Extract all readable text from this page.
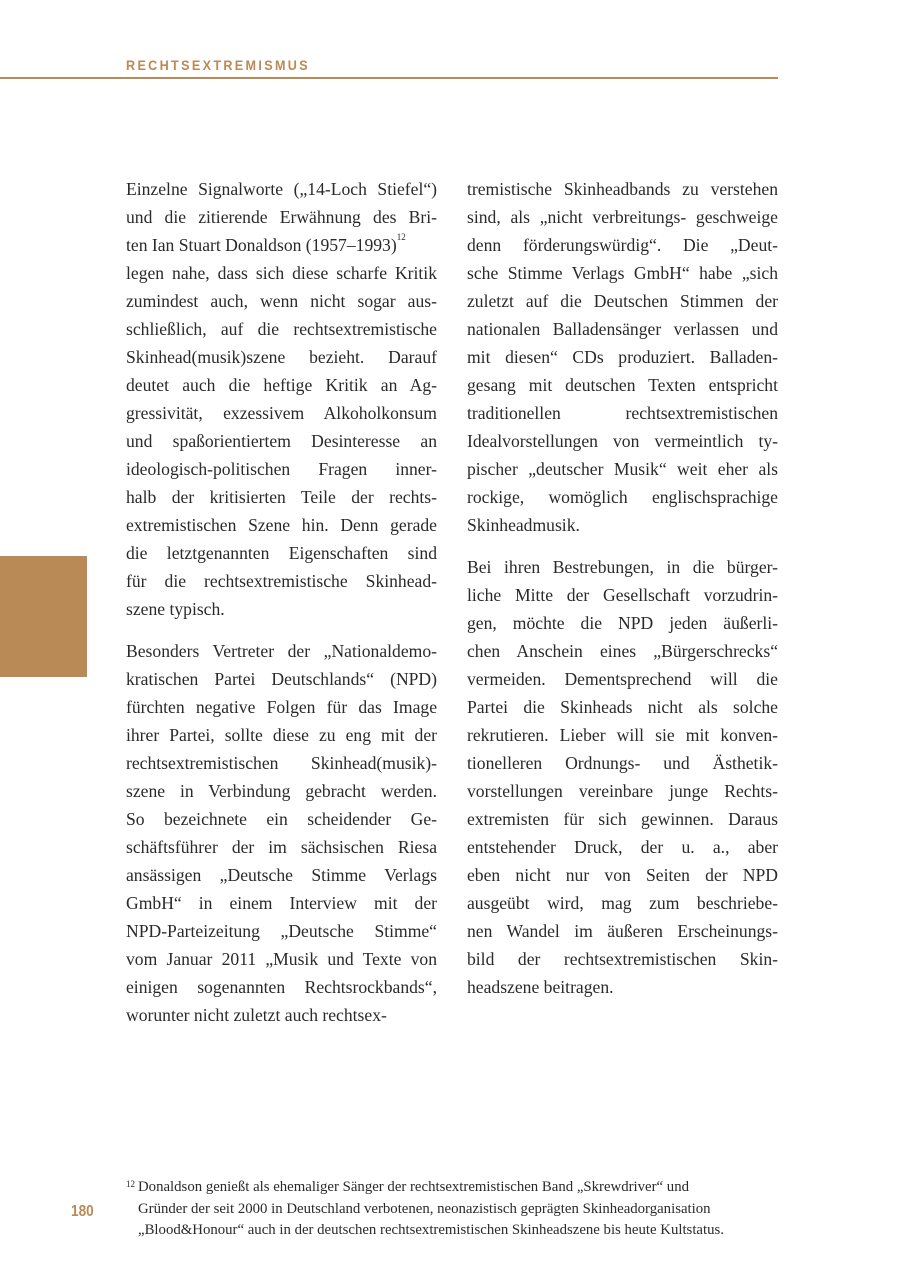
RECHTSEXTREMISMUS
Einzelne Signalworte („14-Loch Stiefel“)
und die zitierende Erwähnung des Bri-
ten Ian Stuart Donaldson (1957–1993)$^{12}$
legen nahe, dass sich diese scharfe Kritik
zumindest auch, wenn nicht sogar aus-
schließlich, auf die rechtsextremistische
Skinhead(musik)szene bezieht. Darauf
deutet auch die heftige Kritik an Ag-
gressivität, exzessivem Alkoholkonsum
und spaßorientiertem Desinteresse an
ideologisch-politischen Fragen inner-
halb der kritisierten Teile der rechts-
extremistischen Szene hin. Denn gerade
die letztgenannten Eigenschaften sind
für die rechtsextremistische Skinhead-
szene typisch.
Besonders Vertreter der „Nationaldemo-
kratischen Partei Deutschlands“ (NPD)
fürchten negative Folgen für das Image
ihrer Partei, sollte diese zu eng mit der
rechtsextremistischen Skinhead(musik)-
szene in Verbindung gebracht werden.
So bezeichnete ein scheidender Ge-
schäftsführer der im sächsischen Riesa
ansässigen „Deutsche Stimme Verlags
GmbH“ in einem Interview mit der
NPD-Parteizeitung „Deutsche Stimme“
vom Januar 2011 „Musik und Texte von
einigen sogenannten Rechtsrockbands“,
worunter nicht zuletzt auch rechtsex-
tremistische Skinheadbands zu verstehen
sind, als „nicht verbreitungs- geschweige
denn förderungswürdig“. Die „Deut-
sche Stimme Verlags GmbH“ habe „sich
zuletzt auf die Deutschen Stimmen der
nationalen Balladensänger verlassen und
mit diesen“ CDs produziert. Balladen-
gesang mit deutschen Texten entspricht
traditionellen rechtsextremistischen
Idealvorstellungen von vermeintlich ty-
pischer „deutscher Musik“ weit eher als
rockige, womöglich englischsprachige
Skinheadmusik.
Bei ihren Bestrebungen, in die bürger-
liche Mitte der Gesellschaft vorzudrin-
gen, möchte die NPD jeden äußerli-
chen Anschein eines „Bürgerschrecks“
vermeiden. Dementsprechend will die
Partei die Skinheads nicht als solche
rekrutieren. Lieber will sie mit konven-
tionelleren Ordnungs- und Ästhetik-
vorstellungen vereinbare junge Rechts-
extremisten für sich gewinnen. Daraus
entstehender Druck, der u. a., aber
eben nicht nur von Seiten der NPD
ausgeübt wird, mag zum beschriebe-
nen Wandel im äußeren Erscheinungs-
bild der rechtsextremistischen Skin-
headszene beitragen.
180
12 Donaldson genießt als ehemaliger Sänger der rechtsextremistischen Band „Skrewdriver“ und
Gründer der seit 2000 in Deutschland verbotenen, neonazistisch geprägten Skinheadorganisation
„Blood&Honour“ auch in der deutschen rechtsextremistischen Skinheadszene bis heute Kultstatus.
